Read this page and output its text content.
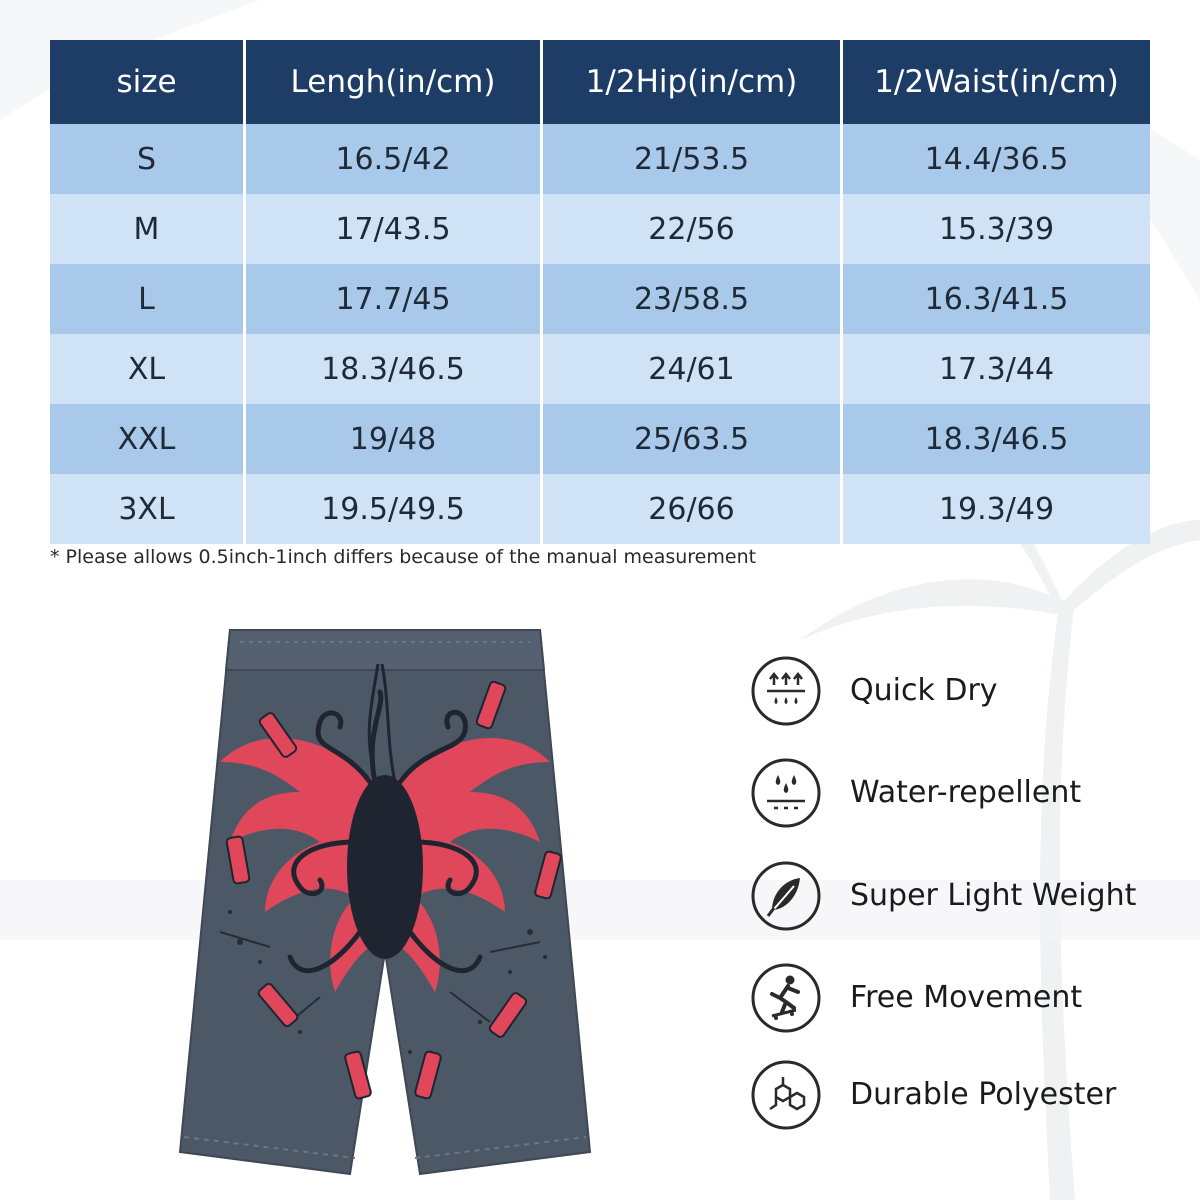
size	Lengh(in/cm)	1/2Hip(in/cm)	1/2Waist(in/cm)
S	16.5/42	21/53.5	14.4/36.5
M	17/43.5	22/56	15.3/39
L	17.7/45	23/58.5	16.3/41.5
XL	18.3/46.5	24/61	17.3/44
XXL	19/48	25/63.5	18.3/46.5
3XL	19.5/49.5	26/66	19.3/49
* Please allows 0.5inch-1inch differs because of the manual measurement
Quick Dry
Water-repellent
Super Light Weight
Free Movement
Durable Polyester
